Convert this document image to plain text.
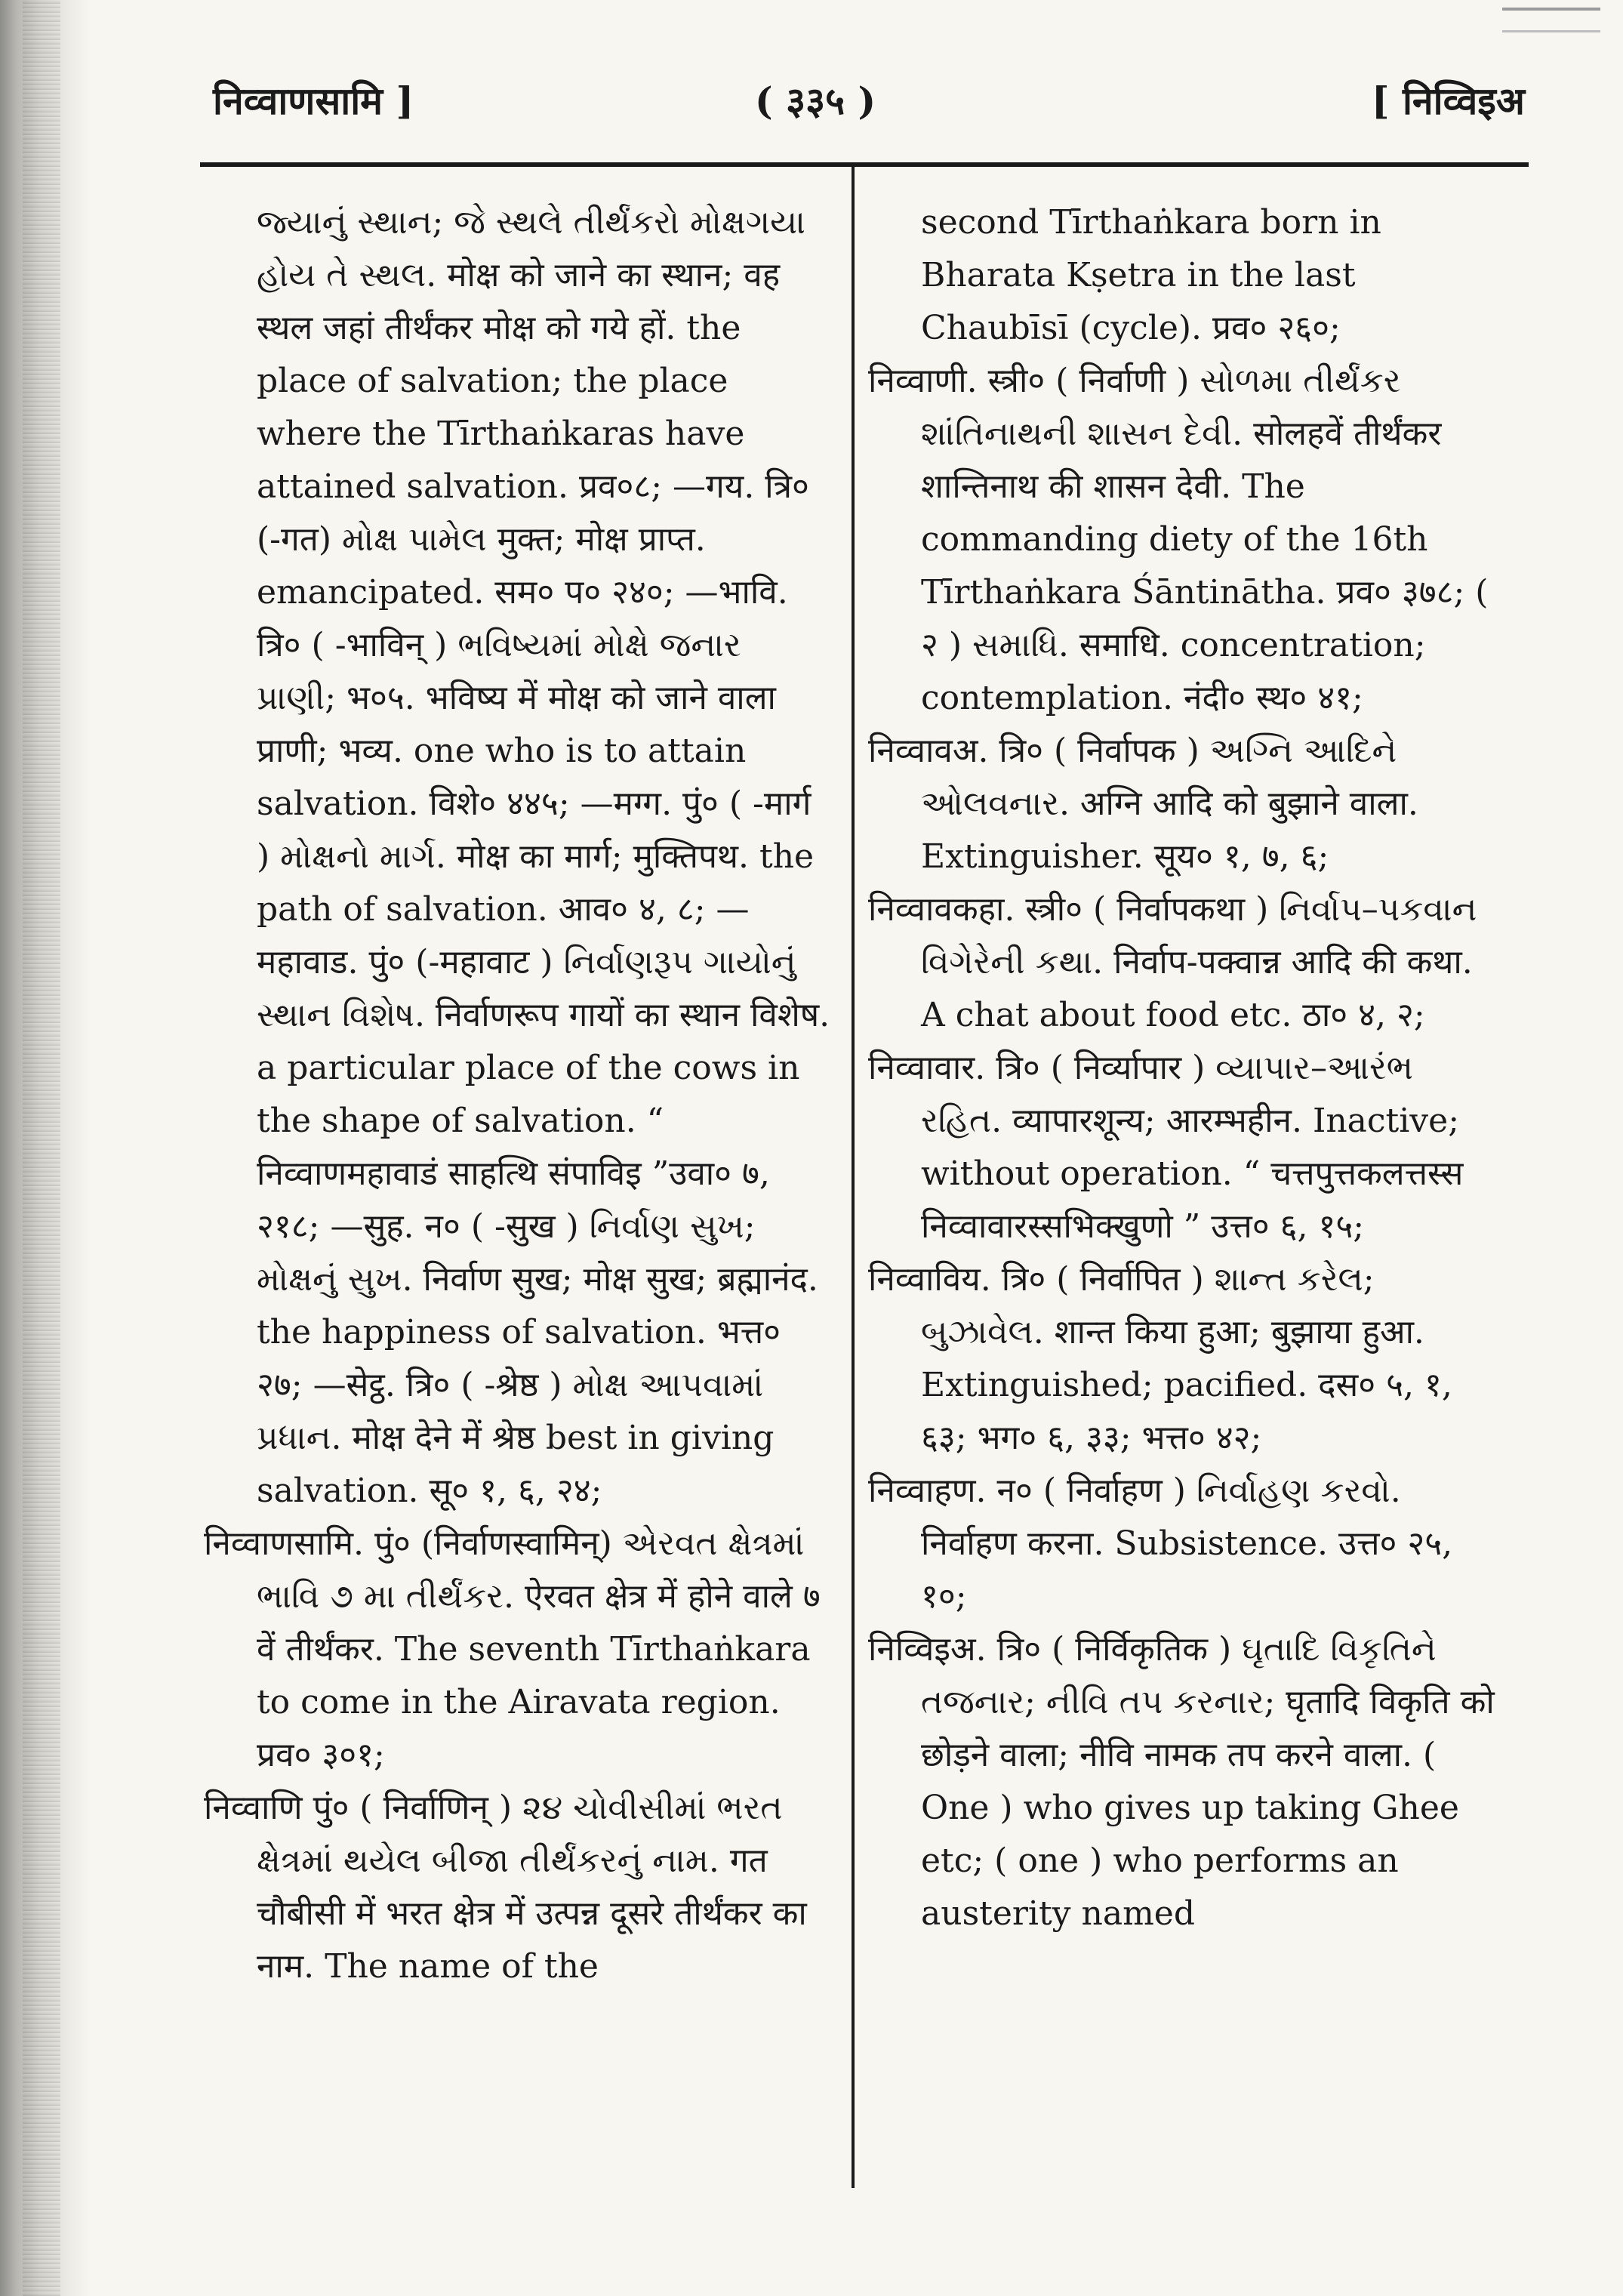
निव्वाणसामि ]	( ३३५ )	[ निव्विइअ

જ્યાનું સ્થાન; જે સ્થલે તીર્થંકરો મોક્ષગયા હોય તે સ્થલ. मोक्ष को जाने का स्थान; वह स्थल जहां तीर्थंकर मोक्ष को गये हों. the place of salvation; the place where the Tīrthaṅkaras have attained salvation. प्रव०८; —गय. त्रि० (-गत) મોક્ષ પામેલ मुक्त; मोक्ष प्राप्त. emancipated. सम० प० २४०; —भावि. त्रि० ( -भाविन् ) ભવિષ્યમાં મોક્ષે જનાર પ્રાણી; भ०५. भविष्य में मोक्ष को जाने वाला प्राणी; भव्य. one who is to attain salvation. विशे० ४४५; —मग्ग. पुं० ( -मार्ग ) મોક્ષનો માર્ગ. मोक्ष का मार्ग; मुक्तिपथ. the path of salvation. आव० ४, ८; —महावाड. पुं० (-महावाट ) નિર્વાણરૂપ ગાયોનું સ્થાન વિશેષ. निर्वाणरूप गायों का स्थान विशेष. a particular place of the cows in the shape of salvation. “ निव्वाणमहावाडं साहत्थि संपाविइ ”उवा० ७, २१८; —सुह. न० ( -सुख ) નિર્વાણ સુખ; મોક્ષનું સુખ. निर्वाण सुख; मोक्ष सुख; ब्रह्मानंद. the happiness of salvation. भत्त० २७; —सेट्ठ. त्रि० ( -श्रेष्ठ ) મોક્ષ આપવામાં પ્રધાન. मोक्ष देने में श्रेष्ठ best in giving salvation. सू० १, ६, २४;

निव्वाणसामि. पुं० (निर्वाणस्वामिन्) એરવત ક્ષેત્રમાં ભાવિ ૭ મા તીર્થંકર. ऐरवत क्षेत्र में होने वाले ७ वें तीर्थंकर. The seventh Tīrthaṅkara to come in the Airavata region. प्रव० ३०१;

निव्वाणि पुं० ( निर्वाणिन् ) ૨૪ ચોવીસીમાં ભરત ક્ષેત્રમાં થયેલ બીજા તીર્થંકરનું નામ. गत चौबीसी में भरत क्षेत्र में उत्पन्न दूसरे तीर्थंकर का नाम. The name of the

second Tīrthaṅkara born in Bharata Kṣetra in the last Chaubīsī (cycle). प्रव० २६०;

निव्वाणी. स्त्री० ( निर्वाणी ) સોળમા તીર્થંકર શાંતિનાથની શાસન દેવી. सोलहवें तीर्थंकर शान्तिनाथ की शासन देवी. The commanding diety of the 16th Tīrthaṅkara Śāntinātha. प्रव० ३७८; ( २ ) સમાધિ. समाधि. concentration; contemplation. नंदी० स्थ० ४१;

निव्वावअ. त्रि० ( निर्वापक ) અગ્નિ આદિને ઓલવનાર. अग्नि आदि को बुझाने वाला. Extinguisher. सूय० १, ७, ६;

निव्वावकहा. स्त्री० ( निर्वापकथा ) નિર્વાપ–પકવાન વિગેરેની કથા. निर्वाप-पक्वान्न आदि की कथा. A chat about food etc. ठा० ४, २;

निव्वावार. त्रि० ( निर्व्यापार ) વ્યાપાર–આરંભ રહિત. व्यापारशून्य; आरम्भहीन. Inactive; without operation. “ चत्तपुत्तकलत्तस्स निव्वावारस्सभिक्खुणो ” उत्त० ६, १५;

निव्वाविय. त्रि० ( निर्वापित ) શાન્ત કરેલ; બુઝાવેલ. शान्त किया हुआ; बुझाया हुआ. Extinguished; pacified. दस० ५, १, ६३; भग० ६, ३३; भत्त० ४२;

निव्वाहण. न० ( निर्वाहण ) નિર્વાહણ કરવો. निर्वाहण करना. Subsistence. उत्त० २५, १०;

निव्विइअ. त्रि० ( निर्विकृतिक ) ઘૃતાદિ વિકૃતિને તજનાર; નીવિ તપ કરનાર; घृतादि विकृति को छोड़ने वाला; नीवि नामक तप करने वाला. ( One ) who gives up taking Ghee etc; ( one ) who performs an austerity named
